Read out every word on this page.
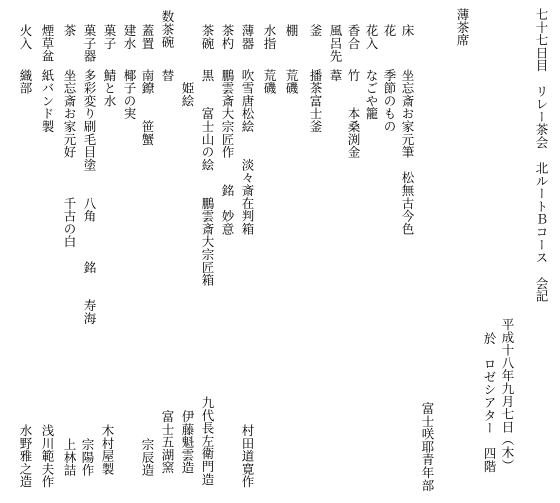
七十七日目　リレー茶会　北ルートＢコース　会記
平成十八年九月七日（木）
於　ロゼシアター　四階
薄茶席
富士咲耶青年部
床
　坐忘斎お家元筆　松無古今色
花
　季節のもの
花入
　なごや籠
香合
　竹　　本桑渕金
風呂先
　葦
釜
　播茶富士釜
棚
　荒磯
水指
　荒磯
薄器
　吹雪唐松絵　　淡々斎在判箱
茶杓
　鵬雲斎大宗匠作　　銘　妙意
茶碗
　黒　　富士山の絵　　鵬雲斎大宗匠箱
　　姫絵
　替
数茶碗
蓋置
　南鐐　　笹蟹
建水
　椰子の実
菓子
　鯖と水
菓子器
　多彩変り刷毛目塗　　八角　　　銘　　寿海
茶
　坐忘斎お家元好　　　千古の白
煙草盆
　紙バンド製
火入
　織部
村田道寛作
九代長左衛門造
伊藤魁雲造
富士五湖窯
宗辰造
木村屋製
宗陽作
上林詰
浅川範夫作
水野雅之造
